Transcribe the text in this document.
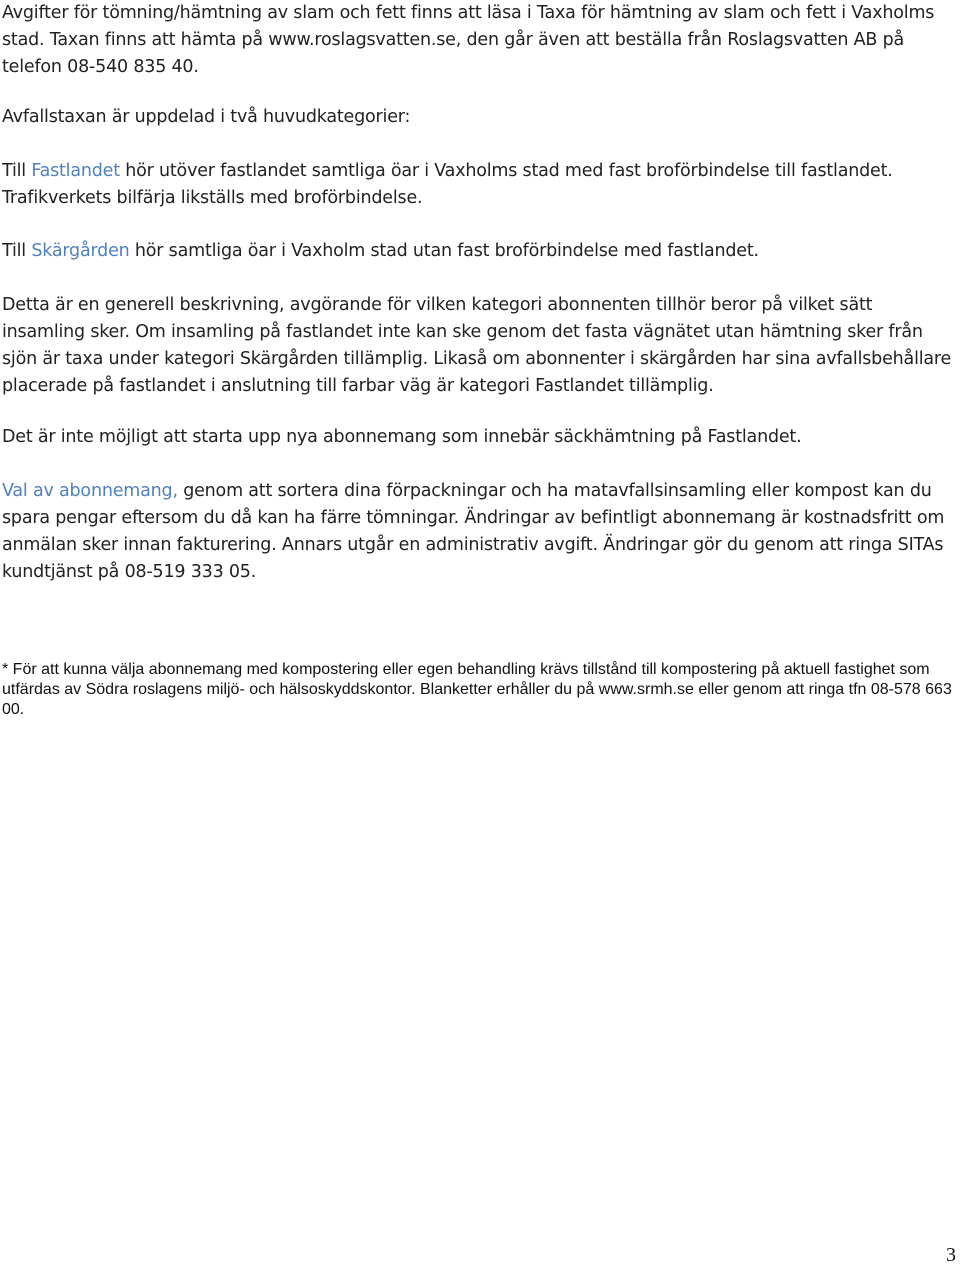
Avgifter för tömning/hämtning av slam och fett finns att läsa i Taxa för hämtning av slam och fett i Vaxholms stad. Taxan finns att hämta på www.roslagsvatten.se, den går även att beställa från Roslagsvatten AB på telefon 08-540 835 40.

Avfallstaxan är uppdelad i två huvudkategorier:

Till Fastlandet hör utöver fastlandet samtliga öar i Vaxholms stad med fast broförbindelse till fastlandet. Trafikverkets bilfärja likställs med broförbindelse.

Till Skärgården hör samtliga öar i Vaxholm stad utan fast broförbindelse med fastlandet.

Detta är en generell beskrivning, avgörande för vilken kategori abonnenten tillhör beror på vilket sätt insamling sker. Om insamling på fastlandet inte kan ske genom det fasta vägnätet utan hämtning sker från sjön är taxa under kategori Skärgården tillämplig. Likaså om abonnenter i skärgården har sina avfallsbehållare placerade på fastlandet i anslutning till farbar väg är kategori Fastlandet tillämplig.

Det är inte möjligt att starta upp nya abonnemang som innebär säckhämtning på Fastlandet.

Val av abonnemang, genom att sortera dina förpackningar och ha matavfallsinsamling eller kompost kan du spara pengar eftersom du då kan ha färre tömningar. Ändringar av befintligt abonnemang är kostnadsfritt om anmälan sker innan fakturering. Annars utgår en administrativ avgift. Ändringar gör du genom att ringa SITAs kundtjänst på 08-519 333 05.

* För att kunna välja abonnemang med kompostering eller egen behandling krävs tillstånd till kompostering på aktuell fastighet som utfärdas av Södra roslagens miljö- och hälsoskyddskontor. Blanketter erhåller du på www.srmh.se eller genom att ringa tfn 08-578 663 00.

3
